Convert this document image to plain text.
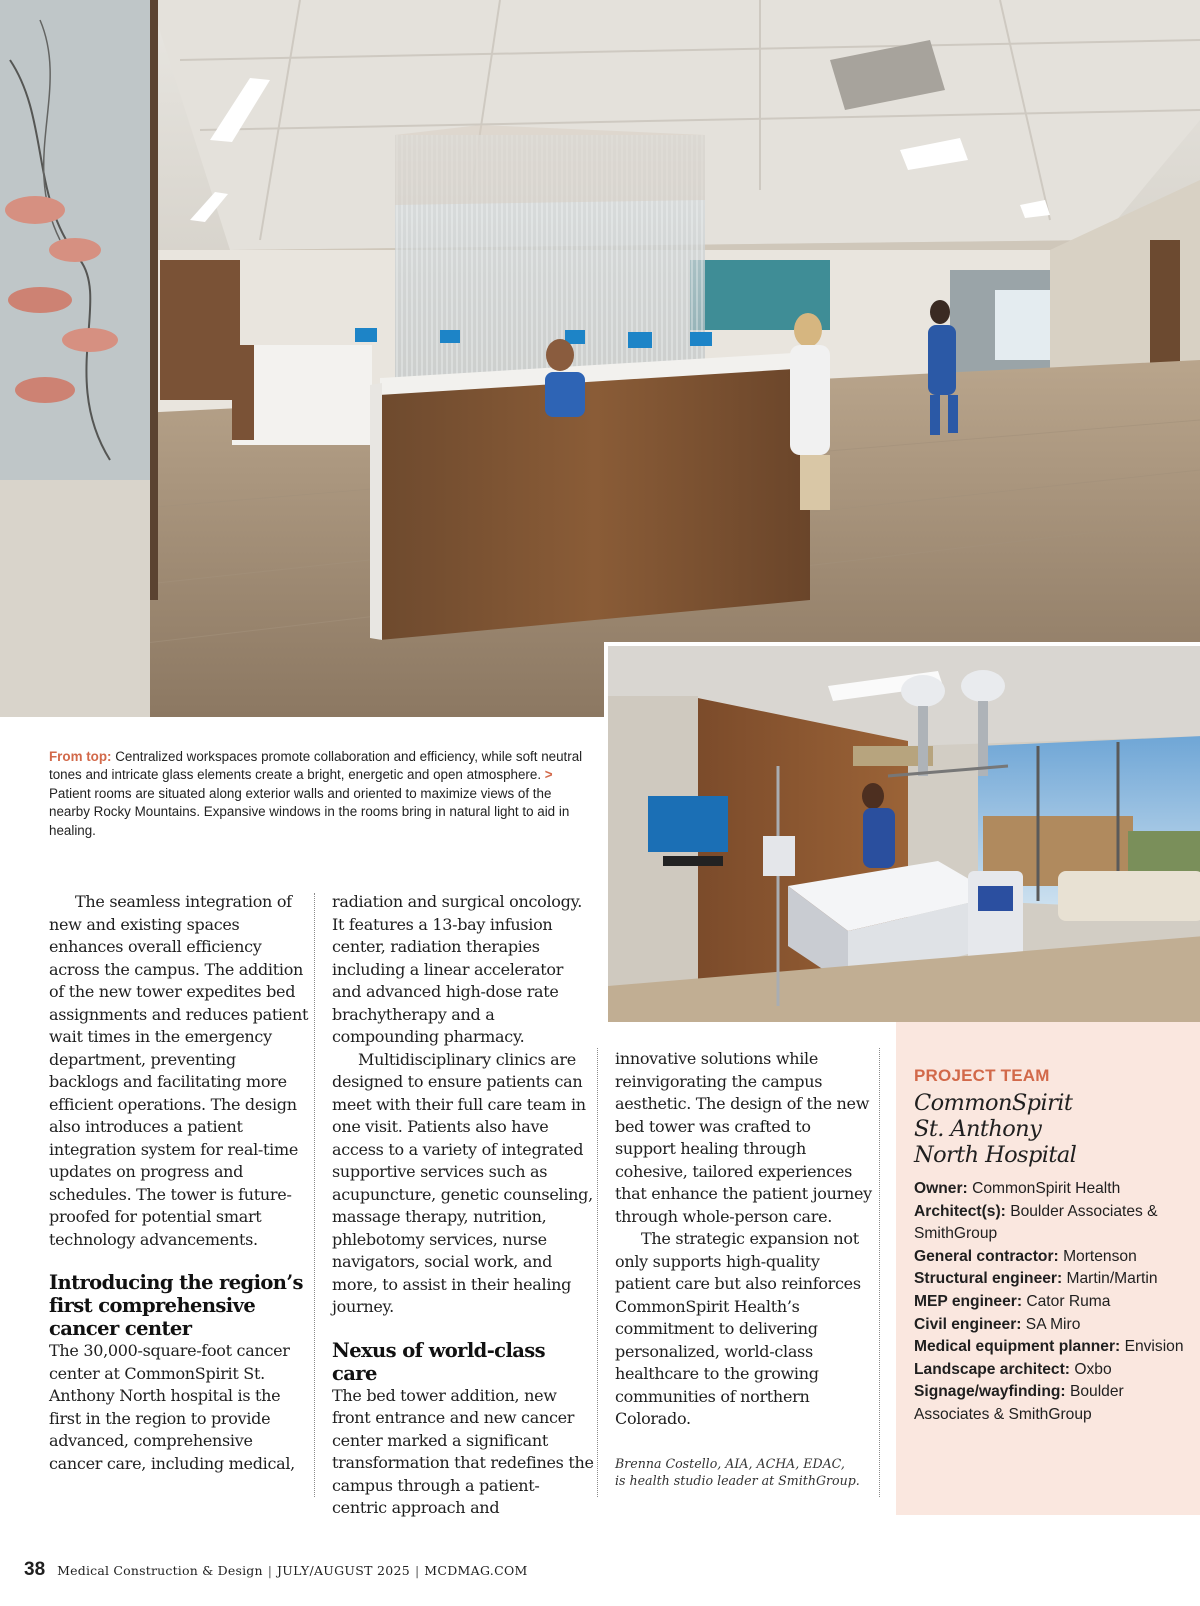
From top: Centralized workspaces promote collaboration and efficiency, while soft neutral tones and intricate glass elements create a bright, energetic and open atmosphere. > Patient rooms are situated along exterior walls and oriented to maximize views of the nearby Rocky Mountains. Expansive windows in the rooms bring in natural light to aid in healing.

The seamless integration of new and existing spaces enhances overall efficiency across the campus. The addition of the new tower expedites bed assignments and reduces patient wait times in the emergency department, preventing backlogs and facilitating more efficient operations. The design also introduces a patient integration system for real-time updates on progress and schedules. The tower is future-proofed for potential smart technology advancements.

Introducing the region’s first comprehensive cancer center

The 30,000-square-foot cancer center at CommonSpirit St. Anthony North hospital is the first in the region to provide advanced, comprehensive cancer care, including medical,

radiation and surgical oncology. It features a 13-bay infusion center, radiation therapies including a linear accelerator and advanced high-dose rate brachytherapy and a compounding pharmacy.

Multidisciplinary clinics are designed to ensure patients can meet with their full care team in one visit. Patients also have access to a variety of integrated supportive services such as acupuncture, genetic counseling, massage therapy, nutrition, phlebotomy services, nurse navigators, social work, and more, to assist in their healing journey.

Nexus of world-class care

The bed tower addition, new front entrance and new cancer center marked a significant transformation that redefines the campus through a patient-centric approach and

innovative solutions while reinvigorating the campus aesthetic. The design of the new bed tower was crafted to support healing through cohesive, tailored experiences that enhance the patient journey through whole-person care.

The strategic expansion not only supports high-quality patient care but also reinforces CommonSpirit Health’s commitment to delivering personalized, world-class healthcare to the growing communities of northern Colorado.

Brenna Costello, AIA, ACHA, EDAC,
is health studio leader at SmithGroup.
PROJECT TEAM
CommonSpirit
St. Anthony
North Hospital
Owner: CommonSpirit Health
Architect(s): Boulder Associates & SmithGroup
General contractor: Mortenson
Structural engineer: Martin/Martin
MEP engineer: Cator Ruma
Civil engineer: SA Miro
Medical equipment planner: Envision
Landscape architect: Oxbo
Signage/wayfinding: Boulder Associates & SmithGroup
38 Medical Construction & Design | JULY/AUGUST 2025 | MCDMAG.COM
